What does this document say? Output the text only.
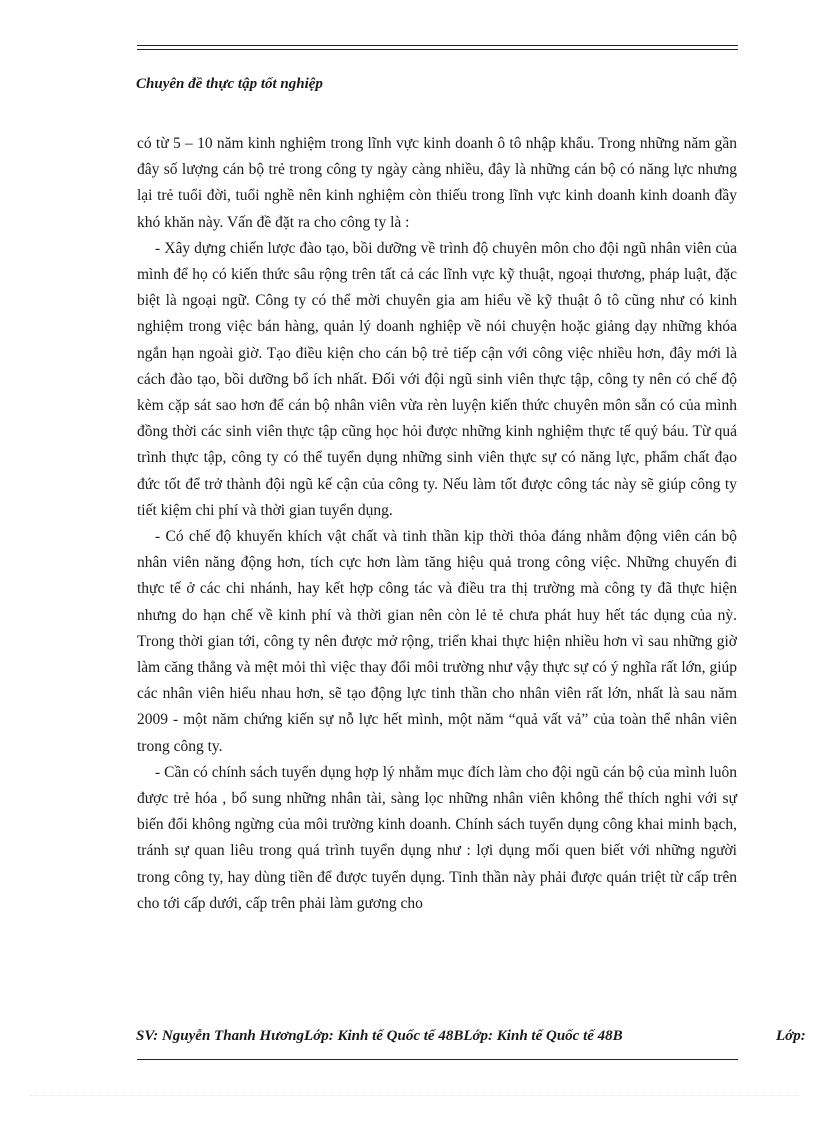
Chuyên đề thực tập tốt nghiệp

có từ 5 – 10 năm kinh nghiệm trong lĩnh vực kinh doanh ô tô nhập khẩu. Trong những năm gần đây số lượng cán bộ trẻ trong công ty ngày càng nhiều, đây là những cán bộ có năng lực nhưng lại trẻ tuổi đời, tuổi nghề nên kinh nghiệm còn thiếu trong lĩnh vực kinh doanh kinh doanh đầy khó khăn này. Vấn đề đặt ra cho công ty là :

- Xây dựng chiến lược đào tạo, bồi dưỡng về trình độ chuyên môn cho đội ngũ nhân viên của mình để họ có kiến thức sâu rộng trên tất cả các lĩnh vực kỹ thuật, ngoại thương, pháp luật, đặc biệt là ngoại ngữ. Công ty có thể mời chuyên gia am hiểu về kỹ thuật ô tô cũng như có kinh nghiệm trong việc bán hàng, quản lý doanh nghiệp về nói chuyện hoặc giảng dạy những khóa ngắn hạn ngoài giờ. Tạo điều kiện cho cán bộ trẻ tiếp cận với công việc nhiều hơn, đây mới là cách đào tạo, bồi dưỡng bổ ích nhất. Đối với đội ngũ sinh viên thực tập, công ty nên có chế độ kèm cặp sát sao hơn để cán bộ nhân viên vừa rèn luyện kiến thức chuyên môn sẵn có của mình đồng thời các sinh viên thực tập cũng học hỏi được những kinh nghiệm thực tế quý báu. Từ quá trình thực tập, công ty có thể tuyển dụng những sinh viên thực sự có năng lực, phẩm chất đạo đức tốt để trở thành đội ngũ kế cận của công ty. Nếu làm tốt được công tác này sẽ giúp công ty tiết kiệm chi phí và thời gian tuyển dụng.

- Có chế độ khuyến khích vật chất và tinh thần kịp thời thỏa đáng nhằm động viên cán bộ nhân viên năng động hơn, tích cực hơn làm tăng hiệu quả trong công việc. Những chuyến đi thực tế ở các chi nhánh, hay kết hợp công tác và điều tra thị trường mà công ty đã thực hiện nhưng do hạn chế về kinh phí và thời gian nên còn lẻ tẻ chưa phát huy hết tác dụng của nỳ. Trong thời gian tới, công ty nên được mở rộng, triển khai thực hiện nhiều hơn vì sau những giờ làm căng thẳng và mệt mỏi thì việc thay đổi môi trường như vậy thực sự có ý nghĩa rất lớn, giúp các nhân viên hiểu nhau hơn, sẽ tạo động lực tinh thần cho nhân viên rất lớn, nhất là sau năm 2009 - một năm chứng kiến sự nỗ lực hết mình, một năm “quả vất vả” của toàn thể nhân viên trong công ty.

- Cần có chính sách tuyển dụng hợp lý nhằm mục đích làm cho đội ngũ cán bộ của mình luôn được trẻ hóa , bổ sung những nhân tài, sàng lọc những nhân viên không thể thích nghi với sự biến đổi không ngừng của môi trường kinh doanh. Chính sách tuyển dụng công khai minh bạch, tránh sự quan liêu trong quá trình tuyển dụng như : lợi dụng mối quen biết với những người trong công ty, hay dùng tiền để được tuyển dụng. Tinh thần này phải được quán triệt từ cấp trên cho tới cấp dưới, cấp trên phải làm gương cho

SV: Nguyễn Thanh HươngLớp: Kinh tế Quốc tế 48BLớp: Kinh tế Quốc tế 48B	Lớp:
